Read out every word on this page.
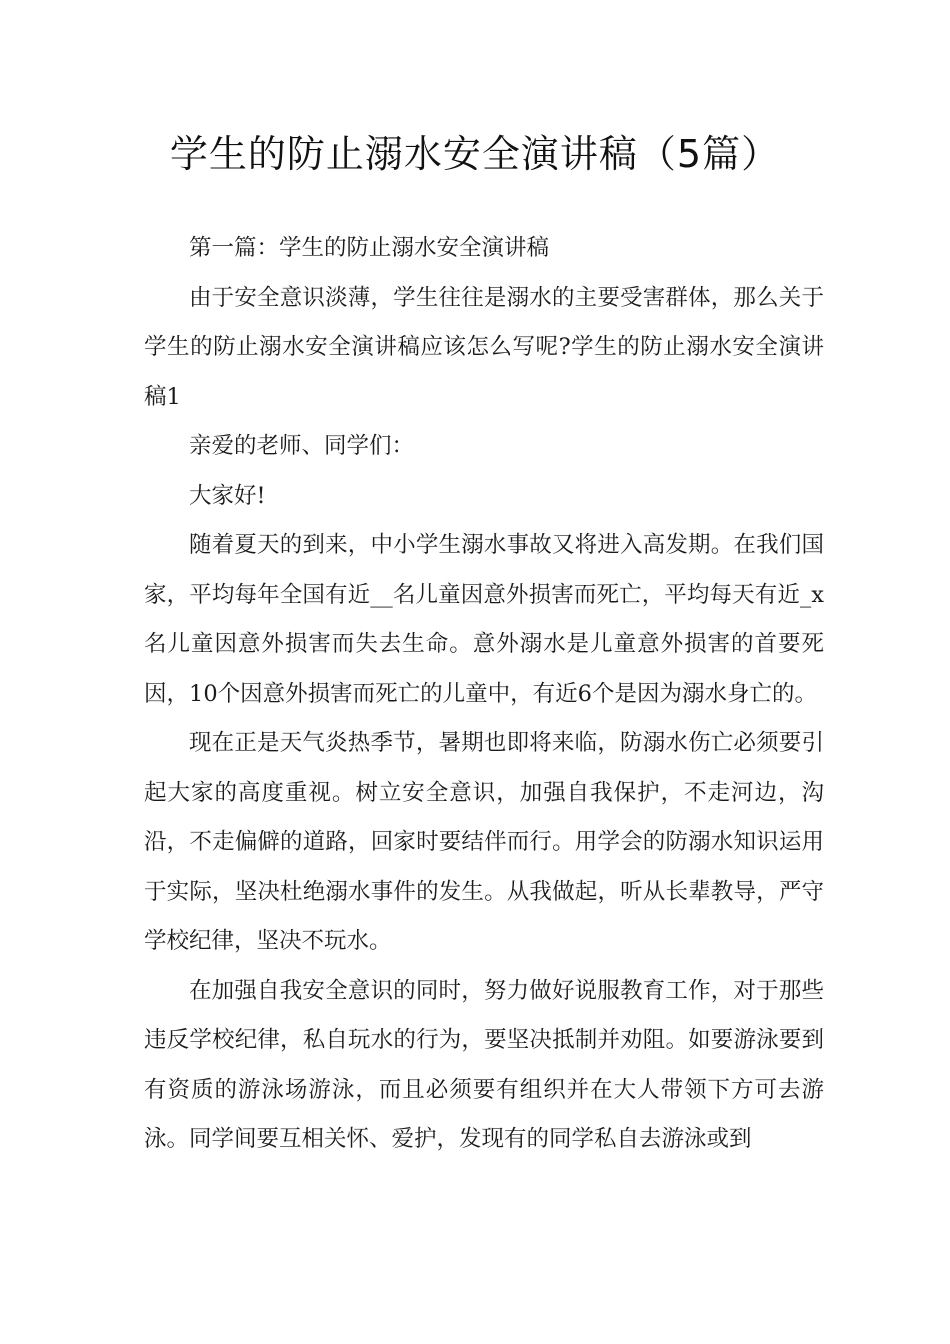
学生的防止溺水安全演讲稿（5篇）

第一篇：学生的防止溺水安全演讲稿

由于安全意识淡薄，学生往往是溺水的主要受害群体，那么关于学生的防止溺水安全演讲稿应该怎么写呢?学生的防止溺水安全演讲稿1

亲爱的老师、同学们：

大家好!

随着夏天的到来，中小学生溺水事故又将进入高发期。在我们国家，平均每年全国有近__名儿童因意外损害而死亡，平均每天有近_x名儿童因意外损害而失去生命。意外溺水是儿童意外损害的首要死因，10个因意外损害而死亡的儿童中，有近6个是因为溺水身亡的。

现在正是天气炎热季节，暑期也即将来临，防溺水伤亡必须要引起大家的高度重视。树立安全意识，加强自我保护，不走河边，沟沿，不走偏僻的道路，回家时要结伴而行。用学会的防溺水知识运用于实际，坚决杜绝溺水事件的发生。从我做起，听从长辈教导，严守学校纪律，坚决不玩水。

在加强自我安全意识的同时，努力做好说服教育工作，对于那些违反学校纪律，私自玩水的行为，要坚决抵制并劝阻。如要游泳要到有资质的游泳场游泳，而且必须要有组织并在大人带领下方可去游泳。同学间要互相关怀、爱护，发现有的同学私自去游泳或到
